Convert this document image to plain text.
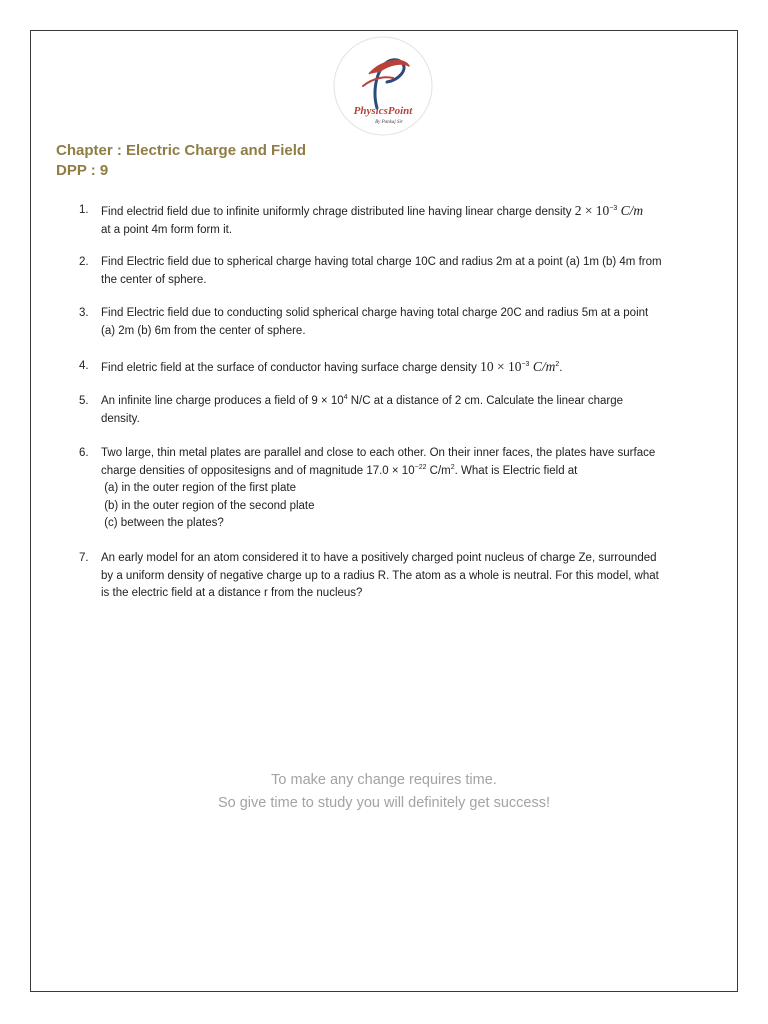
PhysicsPoint
By Pankaj Sir
Chapter : Electric Charge and Field
DPP : 9
1. Find electrid field due to infinite uniformly chrage distributed line having linear charge density $2 \times 10^{-3}$ C/m
at a point 4m form form it.
2. Find Electric field due to spherical charge having total charge 10C and radius 2m at a point (a) 1m (b) 4m from
the center of sphere.
3. Find Electric field due to conducting solid spherical charge having total charge 20C and radius 5m at a point
(a) 2m (b) 6m from the center of sphere.
4. Find eletric field at the surface of conductor having surface charge density $10 \times 10^{-3}$ $C/m^2$.
5. An infinite line charge produces a field of $9 \times 10^4$ N/C at a distance of 2 cm. Calculate the linear charge
density.
6. Two large, thin metal plates are parallel and close to each other. On their inner faces, the plates have surface
charge densities of oppositesigns and of magnitude $17.0 \times 10^{-22}$ $C/m^2$. What is Electric field at
(a) in the outer region of the first plate
(b) in the outer region of the second plate
(c) between the plates?
7. An early model for an atom considered it to have a positively charged point nucleus of charge Ze, surrounded
by a uniform density of negative charge up to a radius R. The atom as a whole is neutral. For this model, what
is the electric field at a distance r from the nucleus?
To make any change requires time.
So give time to study you will definitely get success!
